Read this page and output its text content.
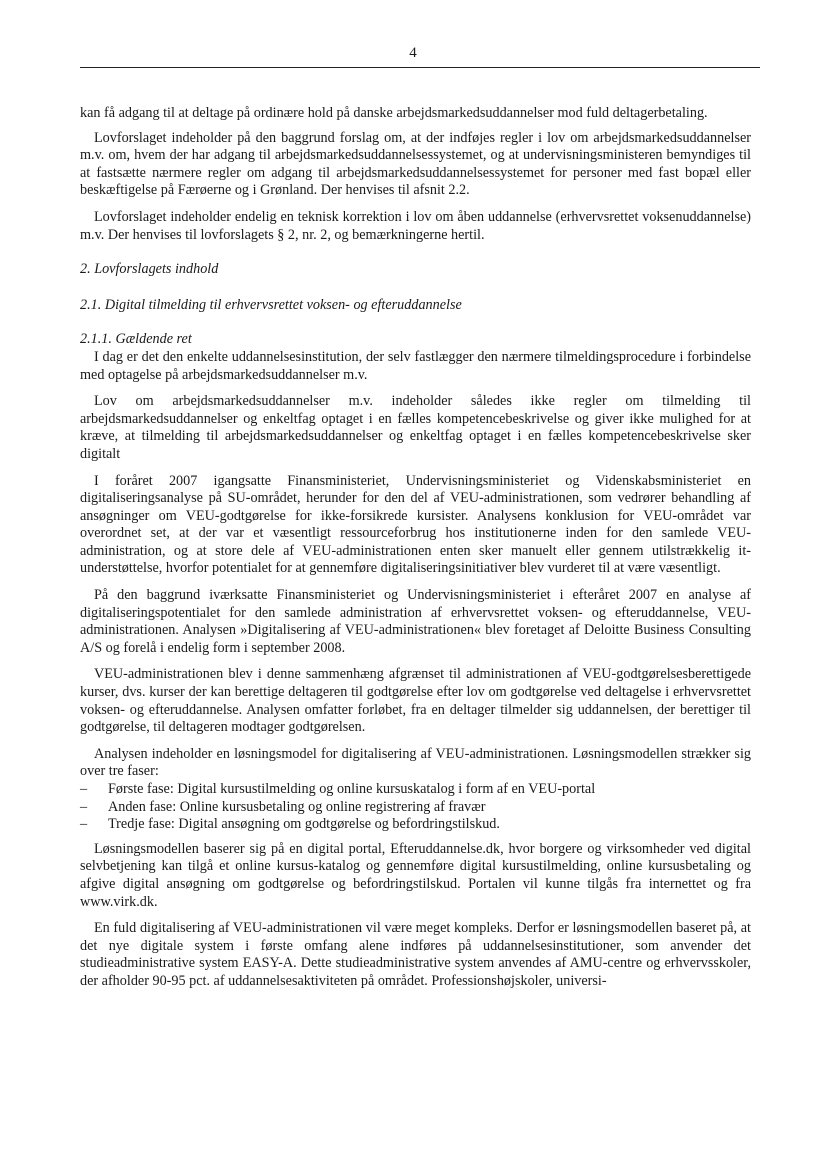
4

kan få adgang til at deltage på ordinære hold på danske arbejdsmarkedsuddannelser mod fuld deltagerbetaling.

Lovforslaget indeholder på den baggrund forslag om, at der indføjes regler i lov om arbejdsmarkedsuddannelser m.v. om, hvem der har adgang til arbejdsmarkedsuddannelsessystemet, og at undervisningsministeren bemyndiges til at fastsætte nærmere regler om adgang til arbejdsmarkedsuddannelsessystemet for personer med fast bopæl eller beskæftigelse på Færøerne og i Grønland. Der henvises til afsnit 2.2.

Lovforslaget indeholder endelig en teknisk korrektion i lov om åben uddannelse (erhvervsrettet voksenuddannelse) m.v. Der henvises til lovforslagets § 2, nr. 2, og bemærkningerne hertil.

2. Lovforslagets indhold

2.1. Digital tilmelding til erhvervsrettet voksen- og efteruddannelse

2.1.1. Gældende ret

I dag er det den enkelte uddannelsesinstitution, der selv fastlægger den nærmere tilmeldingsprocedure i forbindelse med optagelse på arbejdsmarkedsuddannelser m.v.

Lov om arbejdsmarkedsuddannelser m.v. indeholder således ikke regler om tilmelding til arbejdsmarkedsuddannelser og enkeltfag optaget i en fælles kompetencebeskrivelse og giver ikke mulighed for at kræve, at tilmelding til arbejdsmarkedsuddannelser og enkeltfag optaget i en fælles kompetencebeskrivelse sker digitalt

I foråret 2007 igangsatte Finansministeriet, Undervisningsministeriet og Videnskabsministeriet en digitaliseringsanalyse på SU-området, herunder for den del af VEU-administrationen, som vedrører behandling af ansøgninger om VEU-godtgørelse for ikke-forsikrede kursister. Analysens konklusion for VEU-området var overordnet set, at der var et væsentligt ressourceforbrug hos institutionerne inden for den samlede VEU-administration, og at store dele af VEU-administrationen enten sker manuelt eller gennem utilstrækkelig it-understøttelse, hvorfor potentialet for at gennemføre digitaliseringsinitiativer blev vurderet til at være væsentligt.

På den baggrund iværksatte Finansministeriet og Undervisningsministeriet i efteråret 2007 en analyse af digitaliseringspotentialet for den samlede administration af erhvervsrettet voksen- og efteruddannelse, VEU-administrationen. Analysen »Digitalisering af VEU-administrationen« blev foretaget af Deloitte Business Consulting A/S og forelå i endelig form i september 2008.

VEU-administrationen blev i denne sammenhæng afgrænset til administrationen af VEU-godtgørelsesberettigede kurser, dvs. kurser der kan berettige deltageren til godtgørelse efter lov om godtgørelse ved deltagelse i erhvervsrettet voksen- og efteruddannelse. Analysen omfatter forløbet, fra en deltager tilmelder sig uddannelsen, der berettiger til godtgørelse, til deltageren modtager godtgørelsen.

Analysen indeholder en løsningsmodel for digitalisering af VEU-administrationen. Løsningsmodellen strækker sig over tre faser:

– Første fase: Digital kursustilmelding og online kursuskatalog i form af en VEU-portal
– Anden fase: Online kursusbetaling og online registrering af fravær
– Tredje fase: Digital ansøgning om godtgørelse og befordringstilskud.

Løsningsmodellen baserer sig på en digital portal, Efteruddannelse.dk, hvor borgere og virksomheder ved digital selvbetjening kan tilgå et online kursus-katalog og gennemføre digital kursustilmelding, online kursusbetaling og afgive digital ansøgning om godtgørelse og befordringstilskud. Portalen vil kunne tilgås fra internettet og fra www.virk.dk.

En fuld digitalisering af VEU-administrationen vil være meget kompleks. Derfor er løsningsmodellen baseret på, at det nye digitale system i første omfang alene indføres på uddannelsesinstitutioner, som anvender det studieadministrative system EASY-A. Dette studieadministrative system anvendes af AMU-centre og erhvervsskoler, der afholder 90-95 pct. af uddannelsesaktiviteten på området. Professionshøjskoler, universi-
